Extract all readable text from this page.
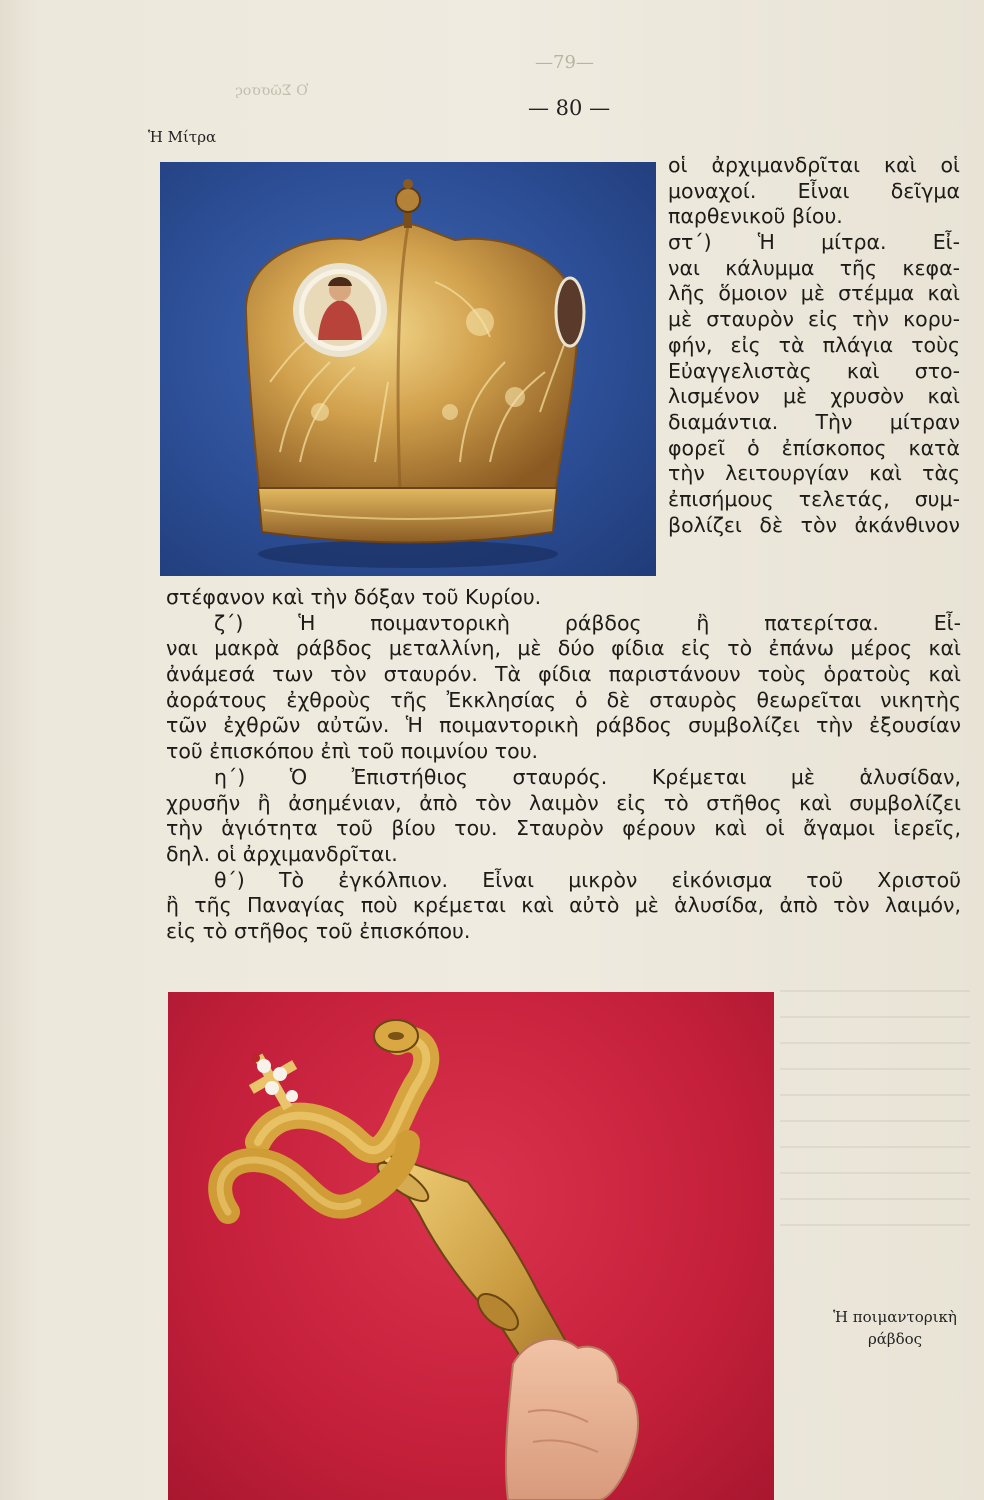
—79—
Ὁ Σῶσσος
— 80 —
Ἡ Μίτρα
οἱ ἀρχιμανδρῖται καὶ οἱ
μοναχοί. Εἶναι δεῖγμα
παρθενικοῦ βίου.
στ΄) Ἡ μίτρα. Εἶ-
ναι κάλυμμα τῆς κεφα-
λῆς ὅμοιον μὲ στέμμα καὶ
μὲ σταυρὸν εἰς τὴν κορυ-
φήν, εἰς τὰ πλάγια τοὺς
Εὐαγγελιστὰς καὶ στο-
λισμένον μὲ χρυσὸν καὶ
διαμάντια. Τὴν μίτραν
φορεῖ ὁ ἐπίσκοπος κατὰ
τὴν λειτουργίαν καὶ τὰς
ἐπισήμους τελετάς, συμ-
βολίζει δὲ τὸν ἀκάνθινον
στέφανον καὶ τὴν δόξαν τοῦ Κυρίου.
ζ΄) Ἡ ποιμαντορικὴ ράβδος ἢ πατερίτσα. Εἶ-
ναι μακρὰ ράβδος μεταλλίνη, μὲ δύο φίδια εἰς τὸ ἐπάνω μέρος καὶ
ἀνάμεσά των τὸν σταυρόν. Τὰ φίδια παριστάνουν τοὺς ὁρατοὺς καὶ
ἀοράτους ἐχθροὺς τῆς Ἐκκλησίας ὁ δὲ σταυρὸς θεωρεῖται νικητὴς
τῶν ἐχθρῶν αὐτῶν. Ἡ ποιμαντορικὴ ράβδος συμβολίζει τὴν ἐξουσίαν
τοῦ ἐπισκόπου ἐπὶ τοῦ ποιμνίου του.
η΄) Ὁ Ἐπιστήθιος σταυρός. Κρέμεται μὲ ἁλυσίδαν,
χρυσῆν ἢ ἀσημένιαν, ἀπὸ τὸν λαιμὸν εἰς τὸ στῆθος καὶ συμβολίζει
τὴν ἁγιότητα τοῦ βίου του. Σταυρὸν φέρουν καὶ οἱ ἄγαμοι ἱερεῖς,
δηλ. οἱ ἀρχιμανδρῖται.
θ΄) Τὸ ἐγκόλπιον. Εἶναι μικρὸν εἰκόνισμα τοῦ Χριστοῦ
ἢ τῆς Παναγίας ποὺ κρέμεται καὶ αὐτὸ μὲ ἁλυσίδα, ἀπὸ τὸν λαιμόν,
εἰς τὸ στῆθος τοῦ ἐπισκόπου.
Ἡ ποιμαντορικὴ
ράβδος
